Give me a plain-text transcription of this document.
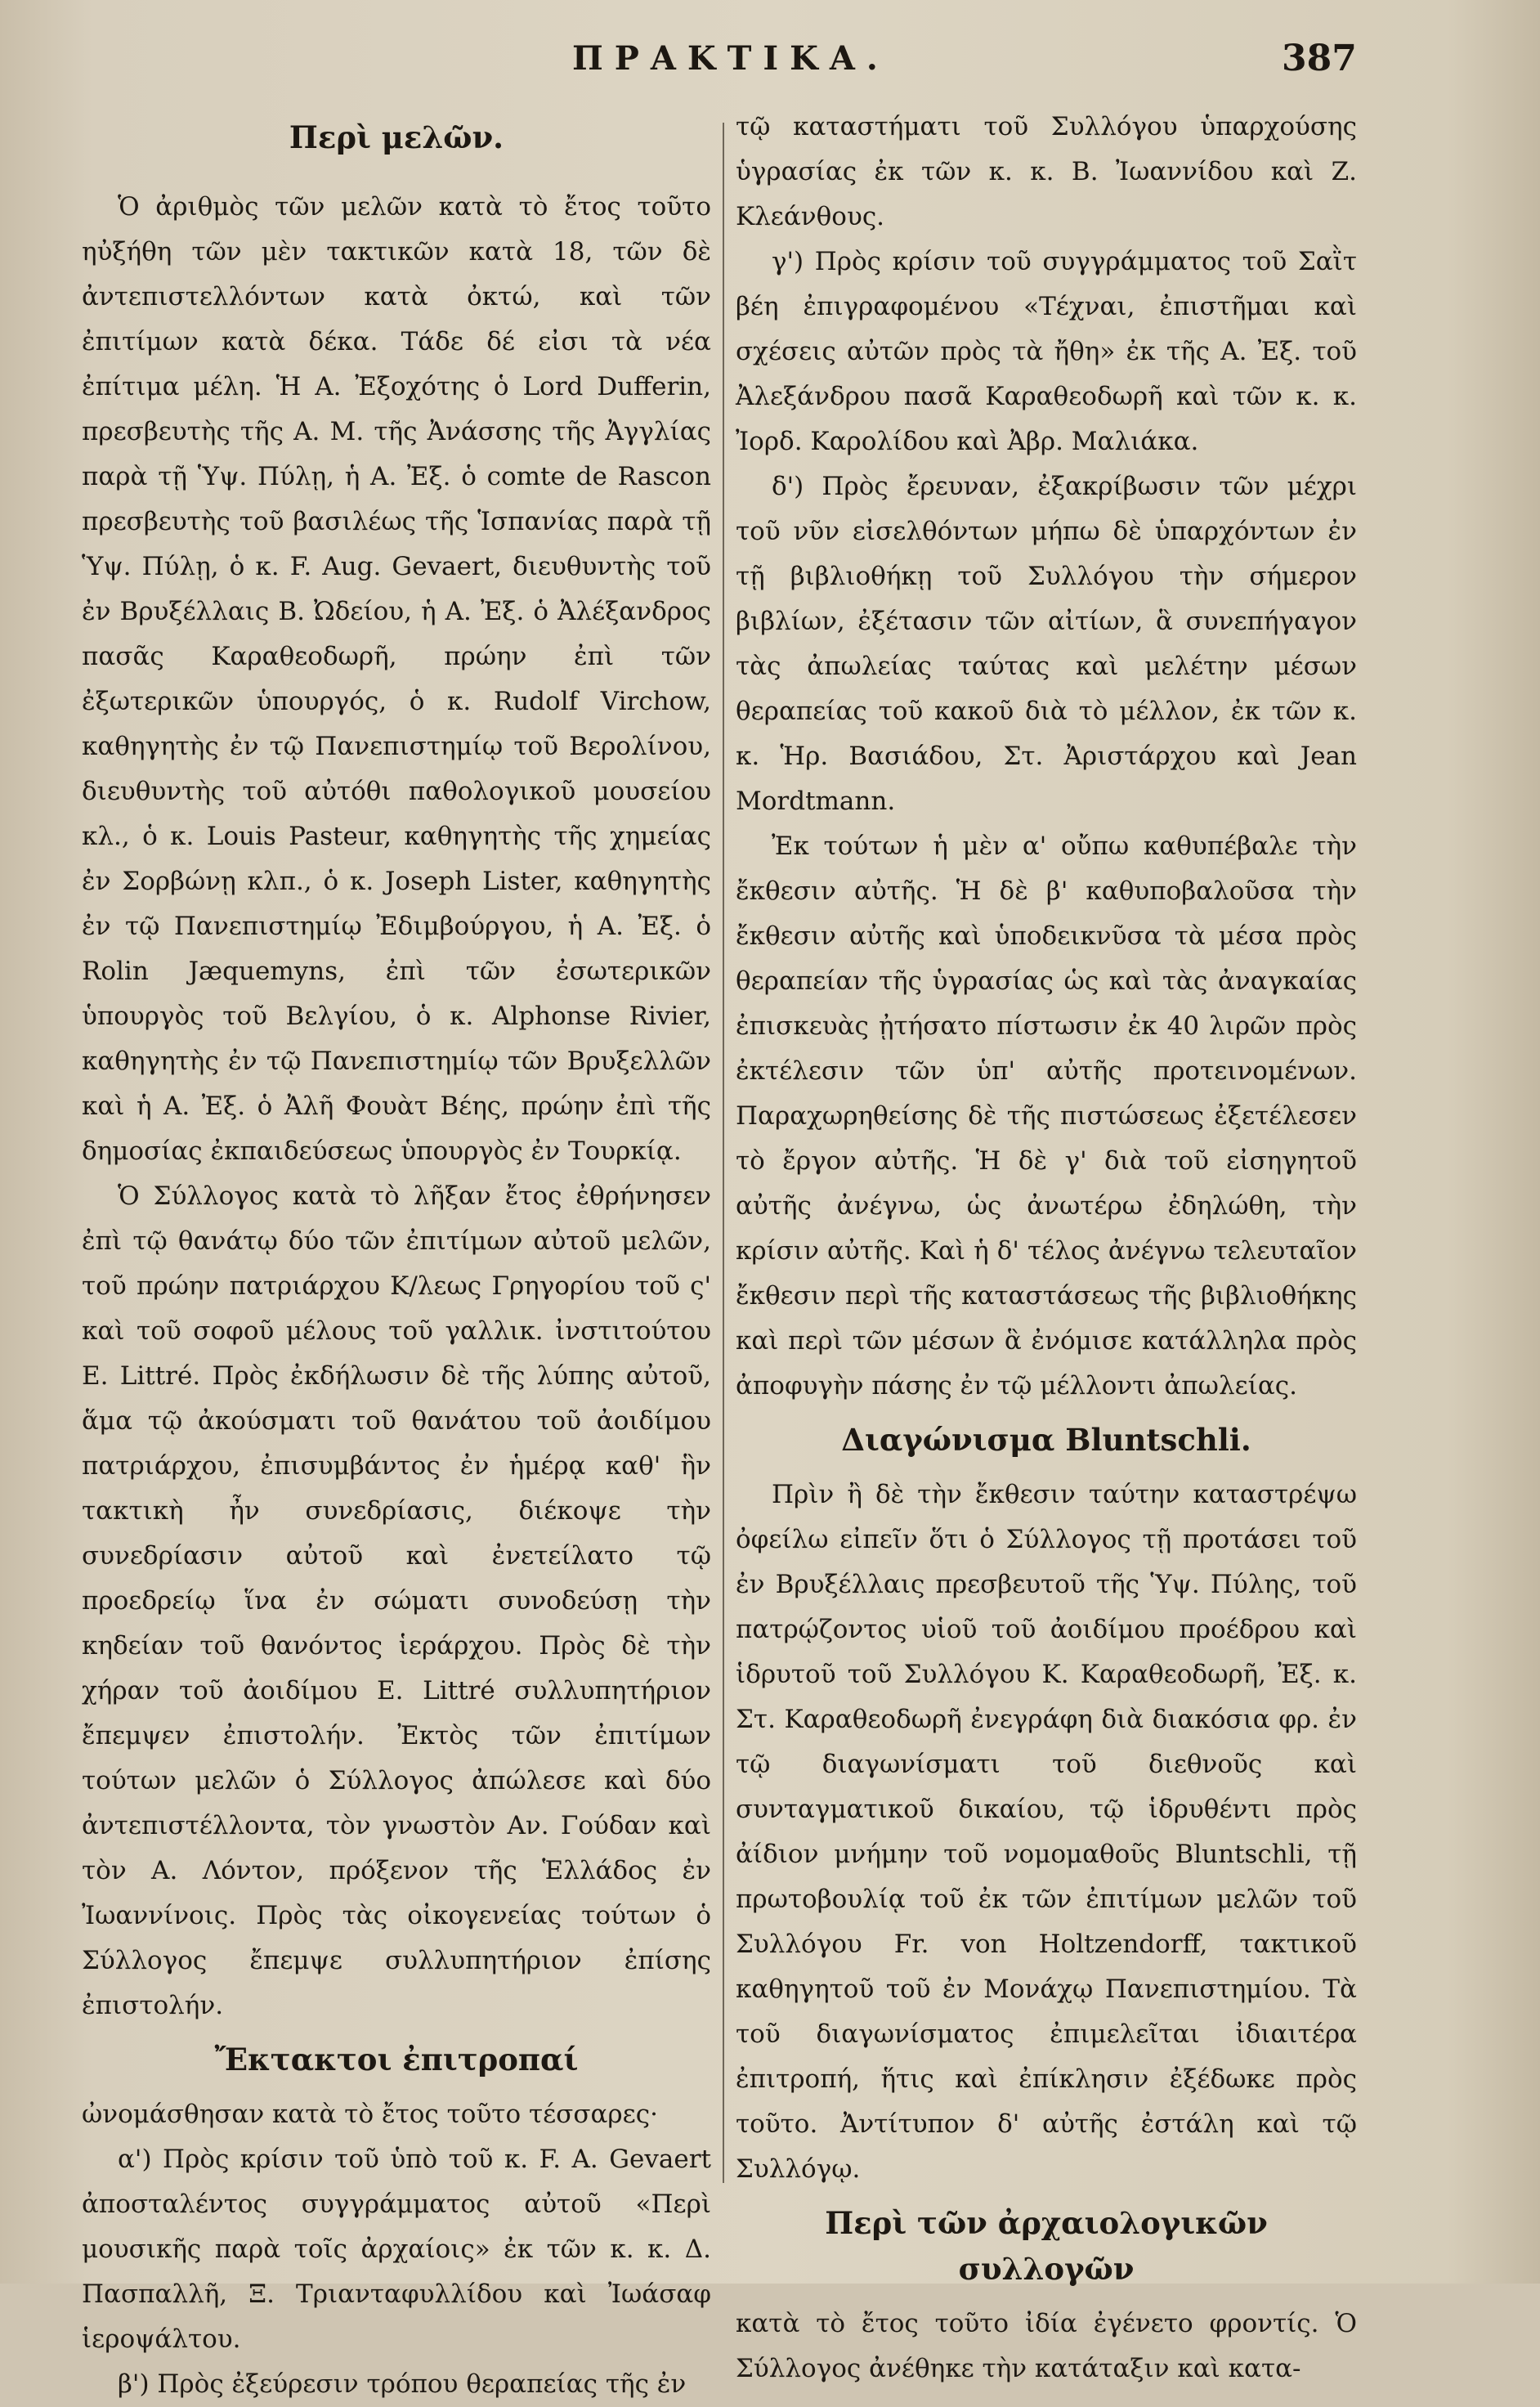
ΠΡΑΚΤΙΚΑ.	387
Περὶ μελῶν.

Ὁ ἀριθμὸς τῶν μελῶν κατὰ τὸ ἔτος τοῦτο ηὐξήθη τῶν μὲν τακτικῶν κατὰ 18, τῶν δὲ ἀντεπιστελλόντων κατὰ ὀκτώ, καὶ τῶν ἐπιτίμων κατὰ δέκα. Τάδε δέ εἰσι τὰ νέα ἐπίτιμα μέλη. Ἡ Α. Ἐξοχότης ὁ Lord Dufferin, πρεσβευτὴς τῆς Α. Μ. τῆς Ἀνάσσης τῆς Ἀγγλίας παρὰ τῇ Ὑψ. Πύλῃ, ἡ Α. Ἐξ. ὁ comte de Rascon πρεσβευτὴς τοῦ βασιλέως τῆς Ἱσπανίας παρὰ τῇ Ὑψ. Πύλῃ, ὁ κ. F. Aug. Gevaert, διευθυντὴς τοῦ ἐν Βρυξέλλαις Β. Ὠδείου, ἡ Α. Ἐξ. ὁ Ἀλέξανδρος πασᾶς Καραθεοδωρῆ, πρώην ἐπὶ τῶν ἐξωτερικῶν ὑπουργός, ὁ κ. Rudolf Virchow, καθηγητὴς ἐν τῷ Πανεπιστημίῳ τοῦ Βερολίνου, διευθυντὴς τοῦ αὐτόθι παθολογικοῦ μουσείου κλ., ὁ κ. Louis Pasteur, καθηγητὴς τῆς χημείας ἐν Σορβώνῃ κλπ., ὁ κ. Joseph Lister, καθηγητὴς ἐν τῷ Πανεπιστημίῳ Ἐδιμβούργου, ἡ Α. Ἐξ. ὁ Rolin Jæquemyns, ἐπὶ τῶν ἐσωτερικῶν ὑπουργὸς τοῦ Βελγίου, ὁ κ. Alphonse Rivier, καθηγητὴς ἐν τῷ Πανεπιστημίῳ τῶν Βρυξελλῶν καὶ ἡ Α. Ἐξ. ὁ Ἀλῆ Φουὰτ Βέης, πρώην ἐπὶ τῆς δημοσίας ἐκπαιδεύσεως ὑπουργὸς ἐν Τουρκίᾳ.

Ὁ Σύλλογος κατὰ τὸ λῆξαν ἔτος ἐθρήνησεν ἐπὶ τῷ θανάτῳ δύο τῶν ἐπιτίμων αὐτοῦ μελῶν, τοῦ πρώην πατριάρχου Κ/λεως Γρηγορίου τοῦ ς' καὶ τοῦ σοφοῦ μέλους τοῦ γαλλικ. ἰνστιτούτου E. Littré. Πρὸς ἐκδήλωσιν δὲ τῆς λύπης αὐτοῦ, ἅμα τῷ ἀκούσματι τοῦ θανάτου τοῦ ἀοιδίμου πατριάρχου, ἐπισυμβάντος ἐν ἡμέρᾳ καθ' ἣν τακτικὴ ἦν συνεδρίασις, διέκοψε τὴν συνεδρίασιν αὐτοῦ καὶ ἐνετείλατο τῷ προεδρείῳ ἵνα ἐν σώματι συνοδεύσῃ τὴν κηδείαν τοῦ θανόντος ἱεράρχου. Πρὸς δὲ τὴν χήραν τοῦ ἀοιδίμου E. Littré συλλυπητήριον ἔπεμψεν ἐπιστολήν. Ἐκτὸς τῶν ἐπιτίμων τούτων μελῶν ὁ Σύλλογος ἀπώλεσε καὶ δύο ἀντεπιστέλλοντα, τὸν γνωστὸν Αν. Γούδαν καὶ τὸν Α. Λόντον, πρόξενον τῆς Ἑλλάδος ἐν Ἰωαννίνοις. Πρὸς τὰς οἰκογενείας τούτων ὁ Σύλλογος ἔπεμψε συλλυπητήριον ἐπίσης ἐπιστολήν.

Ἔκτακτοι ἐπιτροπαί

ὠνομάσθησαν κατὰ τὸ ἔτος τοῦτο τέσσαρες·

α') Πρὸς κρίσιν τοῦ ὑπὸ τοῦ κ. F. A. Gevaert ἀποσταλέντος συγγράμματος αὐτοῦ «Περὶ μουσικῆς παρὰ τοῖς ἀρχαίοις» ἐκ τῶν κ. κ. Δ. Πασπαλλῆ, Ξ. Τριανταφυλλίδου καὶ Ἰωάσαφ ἱεροψάλτου.

β') Πρὸς ἐξεύρεσιν τρόπου θεραπείας τῆς ἐν

τῷ καταστήματι τοῦ Συλλόγου ὑπαρχούσης ὑγρασίας ἐκ τῶν κ. κ. Β. Ἰωαννίδου καὶ Ζ. Κλεάνθους.

γ') Πρὸς κρίσιν τοῦ συγγράμματος τοῦ Σαῒτ βέη ἐπιγραφομένου «Τέχναι, ἐπιστῆμαι καὶ σχέσεις αὐτῶν πρὸς τὰ ἤθη» ἐκ τῆς Α. Ἐξ. τοῦ Ἀλεξάνδρου πασᾶ Καραθεοδωρῆ καὶ τῶν κ. κ. Ἰορδ. Καρολίδου καὶ Ἀβρ. Μαλιάκα.

δ') Πρὸς ἔρευναν, ἐξακρίβωσιν τῶν μέχρι τοῦ νῦν εἰσελθόντων μήπω δὲ ὑπαρχόντων ἐν τῇ βιβλιοθήκῃ τοῦ Συλλόγου τὴν σήμερον βιβλίων, ἐξέτασιν τῶν αἰτίων, ἃ συνεπήγαγον τὰς ἀπωλείας ταύτας καὶ μελέτην μέσων θεραπείας τοῦ κακοῦ διὰ τὸ μέλλον, ἐκ τῶν κ. κ. Ἡρ. Βασιάδου, Στ. Ἀριστάρχου καὶ Jean Mordtmann.

Ἐκ τούτων ἡ μὲν α' οὔπω καθυπέβαλε τὴν ἔκθεσιν αὐτῆς. Ἡ δὲ β' καθυποβαλοῦσα τὴν ἔκθεσιν αὐτῆς καὶ ὑποδεικνῦσα τὰ μέσα πρὸς θεραπείαν τῆς ὑγρασίας ὡς καὶ τὰς ἀναγκαίας ἐπισκευὰς ᾐτήσατο πίστωσιν ἐκ 40 λιρῶν πρὸς ἐκτέλεσιν τῶν ὑπ' αὐτῆς προτεινομένων. Παραχωρηθείσης δὲ τῆς πιστώσεως ἐξετέλεσεν τὸ ἔργον αὐτῆς. Ἡ δὲ γ' διὰ τοῦ εἰσηγητοῦ αὐτῆς ἀνέγνω, ὡς ἀνωτέρω ἐδηλώθη, τὴν κρίσιν αὐτῆς. Καὶ ἡ δ' τέλος ἀνέγνω τελευταῖον ἔκθεσιν περὶ τῆς καταστάσεως τῆς βιβλιοθήκης καὶ περὶ τῶν μέσων ἃ ἐνόμισε κατάλληλα πρὸς ἀποφυγὴν πάσης ἐν τῷ μέλλοντι ἀπωλείας.

Διαγώνισμα Bluntschli.

Πρὶν ἢ δὲ τὴν ἔκθεσιν ταύτην καταστρέψω ὀφείλω εἰπεῖν ὅτι ὁ Σύλλογος τῇ προτάσει τοῦ ἐν Βρυξέλλαις πρεσβευτοῦ τῆς Ὑψ. Πύλης, τοῦ πατρῴζοντος υἱοῦ τοῦ ἀοιδίμου προέδρου καὶ ἱδρυτοῦ τοῦ Συλλόγου Κ. Καραθεοδωρῆ, Ἐξ. κ. Στ. Καραθεοδωρῆ ἐνεγράφη διὰ διακόσια φρ. ἐν τῷ διαγωνίσματι τοῦ διεθνοῦς καὶ συνταγματικοῦ δικαίου, τῷ ἱδρυθέντι πρὸς ἀίδιον μνήμην τοῦ νομομαθοῦς Bluntschli, τῇ πρωτοβουλίᾳ τοῦ ἐκ τῶν ἐπιτίμων μελῶν τοῦ Συλλόγου Fr. von Holtzendorff, τακτικοῦ καθηγητοῦ τοῦ ἐν Μονάχῳ Πανεπιστημίου. Τὰ τοῦ διαγωνίσματος ἐπιμελεῖται ἰδιαιτέρα ἐπιτροπή, ἥτις καὶ ἐπίκλησιν ἐξέδωκε πρὸς τοῦτο. Ἀντίτυπον δ' αὐτῆς ἐστάλη καὶ τῷ Συλλόγῳ.

Περὶ τῶν ἀρχαιολογικῶν συλλογῶν

κατὰ τὸ ἔτος τοῦτο ἰδία ἐγένετο φροντίς. Ὁ Σύλλογος ἀνέθηκε τὴν κατάταξιν καὶ κατα-
